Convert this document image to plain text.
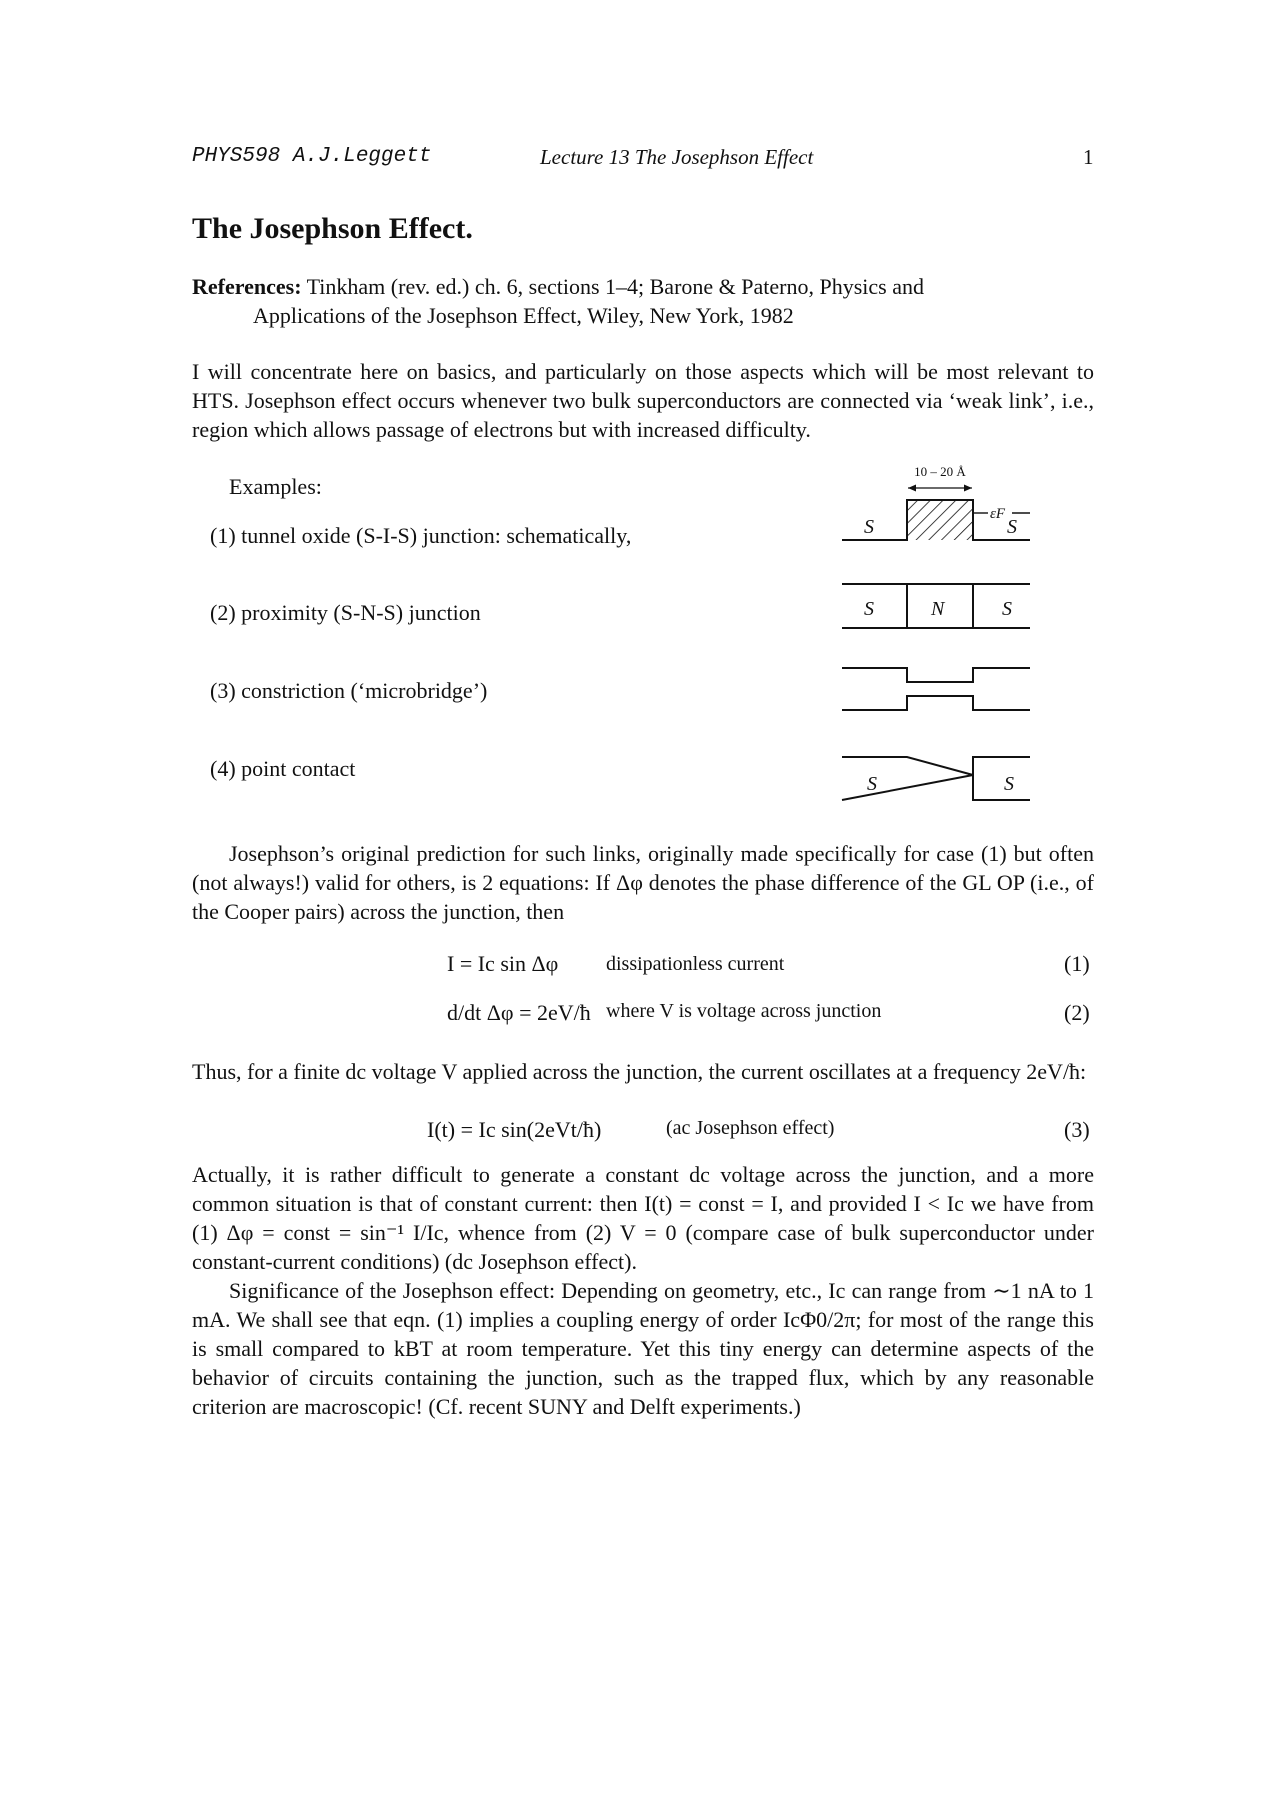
PHYS598 A.J.Leggett	Lecture 13 The Josephson Effect	1
The Josephson Effect.
References: Tinkham (rev. ed.) ch. 6, sections 1–4; Barone & Paterno, Physics and
Applications of the Josephson Effect, Wiley, New York, 1982
I will concentrate here on basics, and particularly on those aspects which will be most relevant to HTS. Josephson effect occurs whenever two bulk superconductors are connected via ‘weak link’, i.e., region which allows passage of electrons but with increased difficulty.
Examples:
(1) tunnel oxide (S-I-S) junction: schematically,
(2) proximity (S-N-S) junction
(3) constriction (‘microbridge’)
(4) point contact
10 – 20 Å
εF
S	S
S	N	S
S	S
Josephson’s original prediction for such links, originally made specifically for case (1) but often (not always!) valid for others, is 2 equations: If Δφ denotes the phase difference of the GL OP (i.e., of the Cooper pairs) across the junction, then
I = Ic sin Δφ dissipationless current	(1)
d/dt Δφ = 2eV/ħ where V is voltage across junction	(2)
Thus, for a finite dc voltage V applied across the junction, the current oscillates at a frequency 2eV/ħ:
I(t) = Ic sin(2eVt/ħ)	(ac Josephson effect)	(3)
Actually, it is rather difficult to generate a constant dc voltage across the junction, and a more common situation is that of constant current: then I(t) = const = I, and provided I < Ic we have from (1) Δφ = const = sin⁻¹ I/Ic, whence from (2) V = 0 (compare case of bulk superconductor under constant-current conditions) (dc Josephson effect).
Significance of the Josephson effect: Depending on geometry, etc., Ic can range from ∼1 nA to 1 mA. We shall see that eqn. (1) implies a coupling energy of order IcΦ0/2π; for most of the range this is small compared to kBT at room temperature. Yet this tiny energy can determine aspects of the behavior of circuits containing the junction, such as the trapped flux, which by any reasonable criterion are macroscopic! (Cf. recent SUNY and Delft experiments.)
